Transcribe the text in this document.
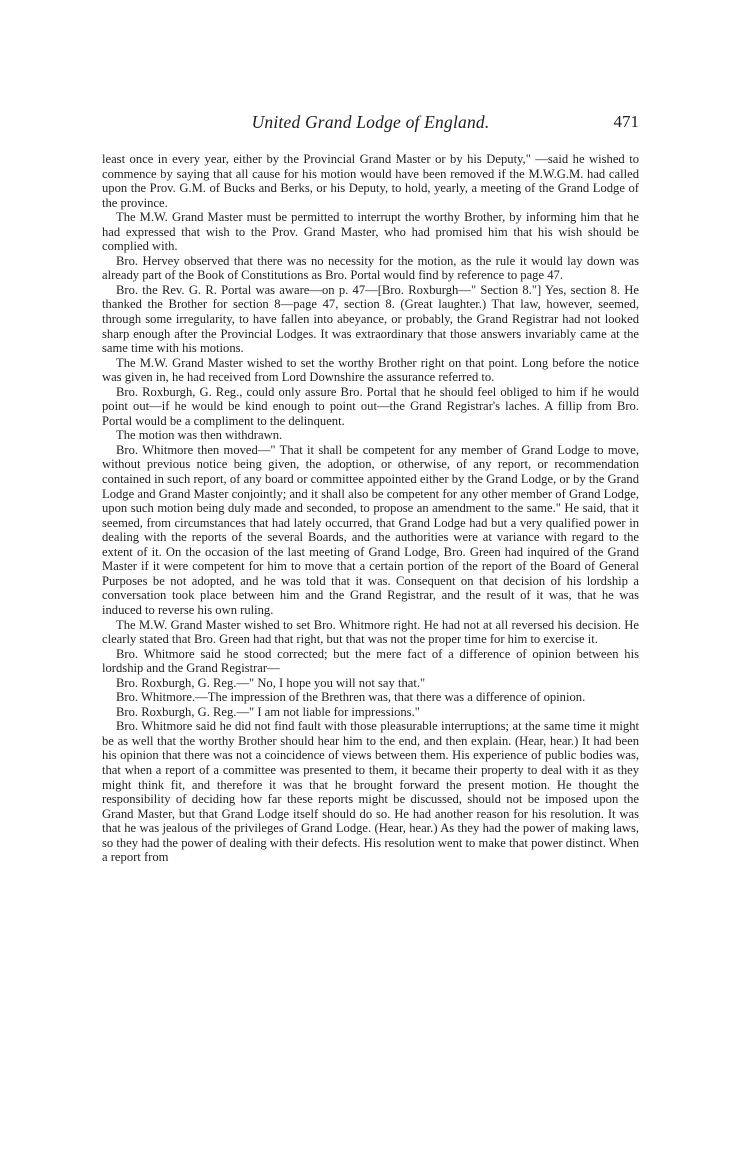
United Grand Lodge of England.	471

least once in every year, either by the Provincial Grand Master or by his Deputy," —said he wished to commence by saying that all cause for his motion would have been removed if the M.W.G.M. had called upon the Prov. G.M. of Bucks and Berks, or his Deputy, to hold, yearly, a meeting of the Grand Lodge of the province.

The M.W. Grand Master must be permitted to interrupt the worthy Brother, by informing him that he had expressed that wish to the Prov. Grand Master, who had promised him that his wish should be complied with.

Bro. Hervey observed that there was no necessity for the motion, as the rule it would lay down was already part of the Book of Constitutions as Bro. Portal would find by reference to page 47.

Bro. the Rev. G. R. Portal was aware—on p. 47—[Bro. Roxburgh—" Section 8."] Yes, section 8. He thanked the Brother for section 8—page 47, section 8. (Great laughter.) That law, however, seemed, through some irregularity, to have fallen into abeyance, or probably, the Grand Registrar had not looked sharp enough after the Provincial Lodges. It was extraordinary that those answers invariably came at the same time with his motions.

The M.W. Grand Master wished to set the worthy Brother right on that point. Long before the notice was given in, he had received from Lord Downshire the assurance referred to.

Bro. Roxburgh, G. Reg., could only assure Bro. Portal that he should feel obliged to him if he would point out—if he would be kind enough to point out—the Grand Registrar's laches. A fillip from Bro. Portal would be a compliment to the delinquent.

The motion was then withdrawn.

Bro. Whitmore then moved—" That it shall be competent for any member of Grand Lodge to move, without previous notice being given, the adoption, or otherwise, of any report, or recommendation contained in such report, of any board or committee appointed either by the Grand Lodge, or by the Grand Lodge and Grand Master conjointly; and it shall also be competent for any other member of Grand Lodge, upon such motion being duly made and seconded, to propose an amendment to the same." He said, that it seemed, from circumstances that had lately occurred, that Grand Lodge had but a very qualified power in dealing with the reports of the several Boards, and the authorities were at variance with regard to the extent of it. On the occasion of the last meeting of Grand Lodge, Bro. Green had inquired of the Grand Master if it were competent for him to move that a certain portion of the report of the Board of General Purposes be not adopted, and he was told that it was. Consequent on that decision of his lordship a conversation took place between him and the Grand Registrar, and the result of it was, that he was induced to reverse his own ruling.

The M.W. Grand Master wished to set Bro. Whitmore right. He had not at all reversed his decision. He clearly stated that Bro. Green had that right, but that was not the proper time for him to exercise it.

Bro. Whitmore said he stood corrected; but the mere fact of a difference of opinion between his lordship and the Grand Registrar—

Bro. Roxburgh, G. Reg.—" No, I hope you will not say that."

Bro. Whitmore.—The impression of the Brethren was, that there was a difference of opinion.

Bro. Roxburgh, G. Reg.—" I am not liable for impressions."

Bro. Whitmore said he did not find fault with those pleasurable interruptions; at the same time it might be as well that the worthy Brother should hear him to the end, and then explain. (Hear, hear.) It had been his opinion that there was not a coincidence of views between them. His experience of public bodies was, that when a report of a committee was presented to them, it became their property to deal with it as they might think fit, and therefore it was that he brought forward the present motion. He thought the responsibility of deciding how far these reports might be discussed, should not be imposed upon the Grand Master, but that Grand Lodge itself should do so. He had another reason for his resolution. It was that he was jealous of the privileges of Grand Lodge. (Hear, hear.) As they had the power of making laws, so they had the power of dealing with their defects. His resolution went to make that power distinct. When a report from
